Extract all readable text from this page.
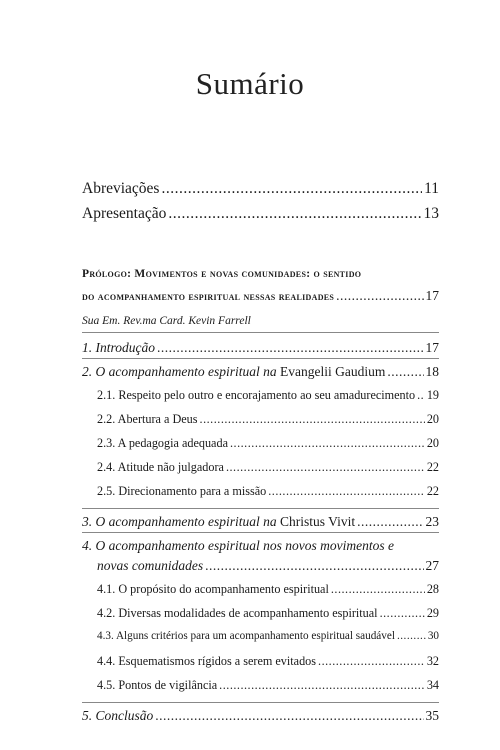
Sumário
Abreviações .....	11
Apresentação .....	13
Prólogo: Movimentos e novas comunidades: o sentido
do acompanhamento espiritual nessas realidades .....	17
Sua Em. Rev.ma Card. Kevin Farrell
1. Introdução .....	17
2. O acompanhamento espiritual na Evangelii Gaudium .....	18
2.1. Respeito pelo outro e encorajamento ao seu amadurecimento ..... 19
2.2. Abertura a Deus .....	20
2.3. A pedagogia adequada .....	20
2.4. Atitude não julgadora .....	22
2.5. Direcionamento para a missão .....	22
3. O acompanhamento espiritual na Christus Vivit .....	23
4. O acompanhamento espiritual nos novos movimentos e
novas comunidades .....	27
4.1. O propósito do acompanhamento espiritual .....	28
4.2. Diversas modalidades de acompanhamento espiritual .....	29
4.3. Alguns critérios para um acompanhamento espiritual saudável .....	30
4.4. Esquematismos rígidos a serem evitados .....	32
4.5. Pontos de vigilância .....	34
5. Conclusão .....	35
